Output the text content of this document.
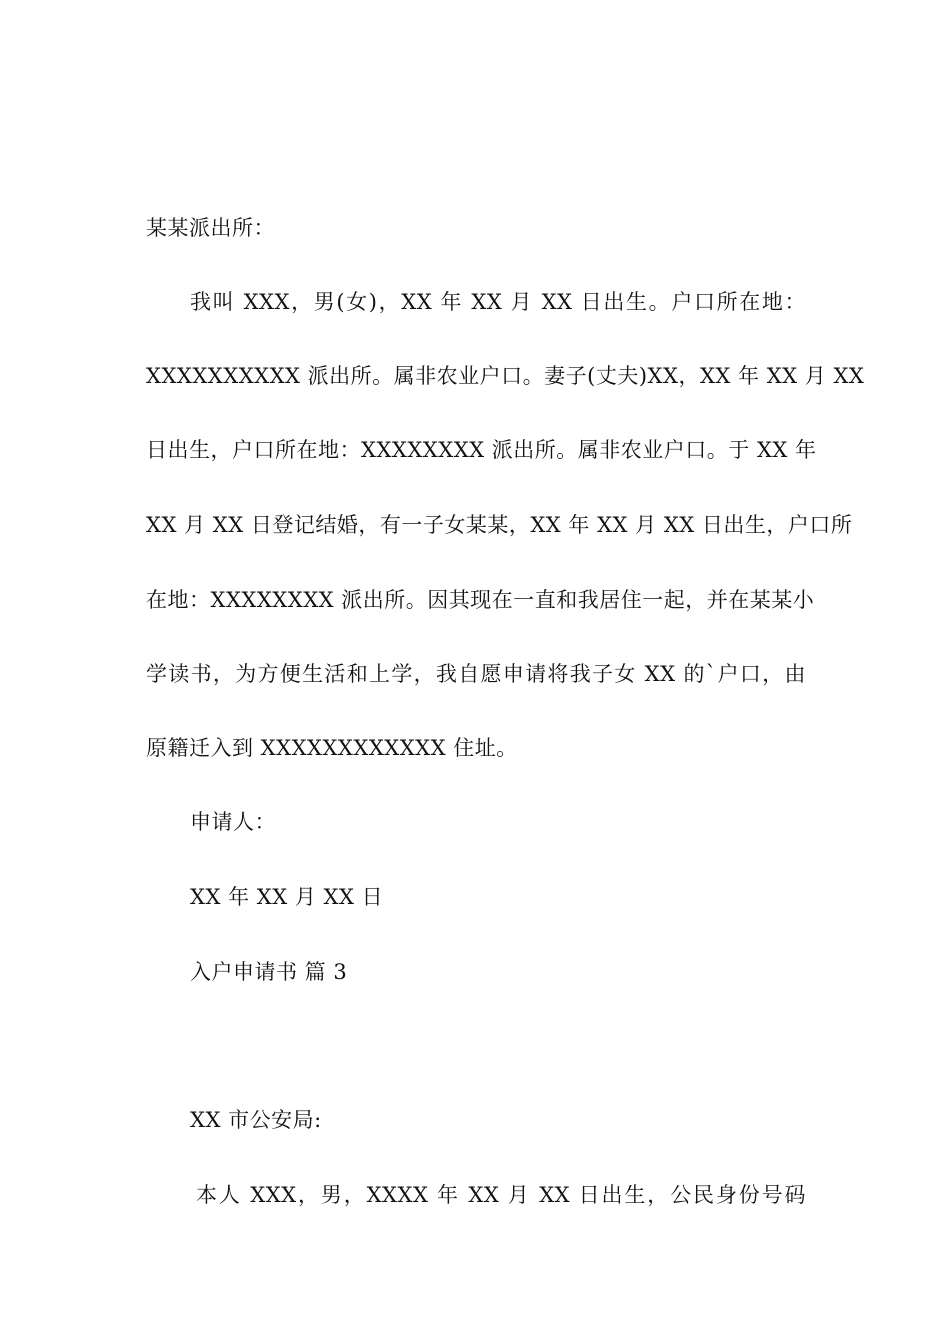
某某派出所：
我叫 XXX，男(女)，XX 年 XX 月 XX 日出生。户口所在地：
XXXXXXXXXX 派出所。属非农业户口。妻子(丈夫)XX，XX 年 XX 月 XX
日出生，户口所在地：XXXXXXXX 派出所。属非农业户口。于 XX 年
XX 月 XX 日登记结婚，有一子女某某，XX 年 XX 月 XX 日出生，户口所
在地：XXXXXXXX 派出所。因其现在一直和我居住一起，并在某某小
学读书，为方便生活和上学，我自愿申请将我子女 XX 的`户口，由
原籍迁入到 XXXXXXXXXXXX 住址。
申请人：
XX 年 XX 月 XX 日
入户申请书 篇 3
XX 市公安局:
本人 XXX，男，XXXX 年 XX 月 XX 日出生，公民身份号码
